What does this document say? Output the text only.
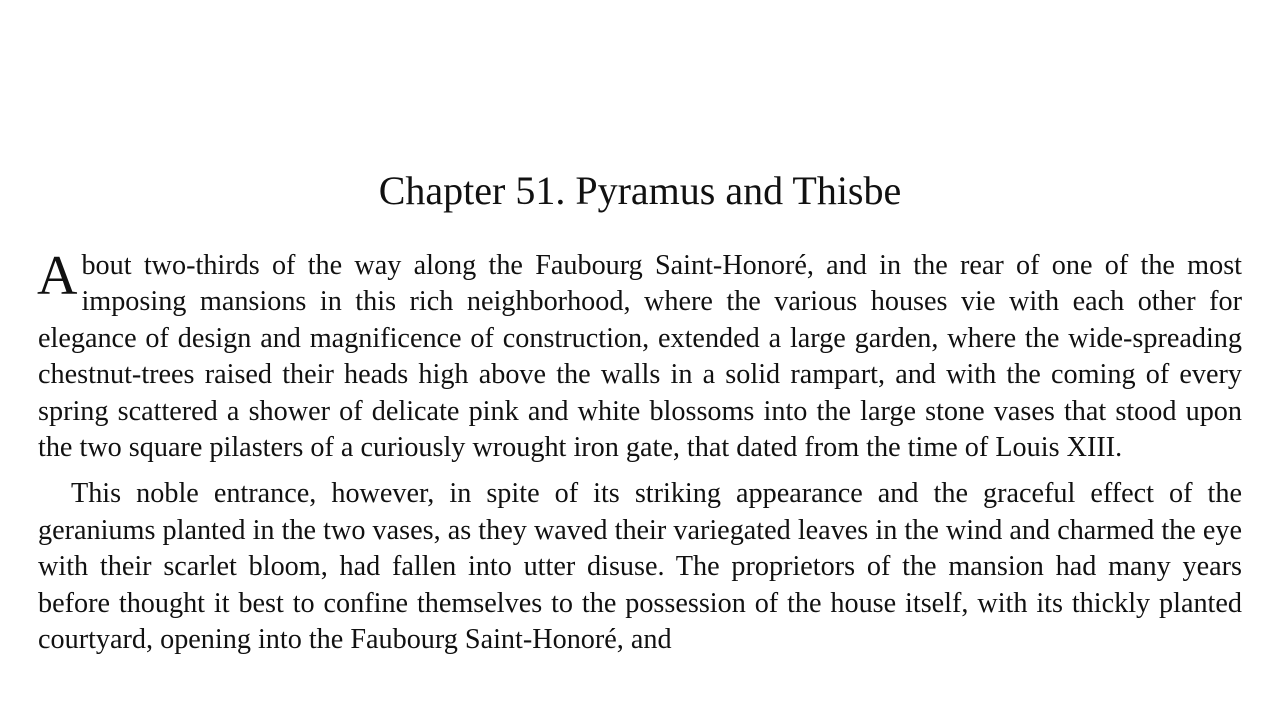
Chapter 51. Pyramus and Thisbe

About two-thirds of the way along the Faubourg Saint-Honoré, and in the rear of one of the most imposing mansions in this rich neighborhood, where the various houses vie with each other for elegance of design and magnificence of construction, extended a large garden, where the wide-spreading chestnut-trees raised their heads high above the walls in a solid rampart, and with the coming of every spring scattered a shower of delicate pink and white blossoms into the large stone vases that stood upon the two square pilasters of a curiously wrought iron gate, that dated from the time of Louis XIII.

This noble entrance, however, in spite of its striking appearance and the graceful effect of the geraniums planted in the two vases, as they waved their variegated leaves in the wind and charmed the eye with their scarlet bloom, had fallen into utter disuse. The proprietors of the mansion had many years before thought it best to confine themselves to the possession of the house itself, with its thickly planted courtyard, opening into the Faubourg Saint-Honoré, and
